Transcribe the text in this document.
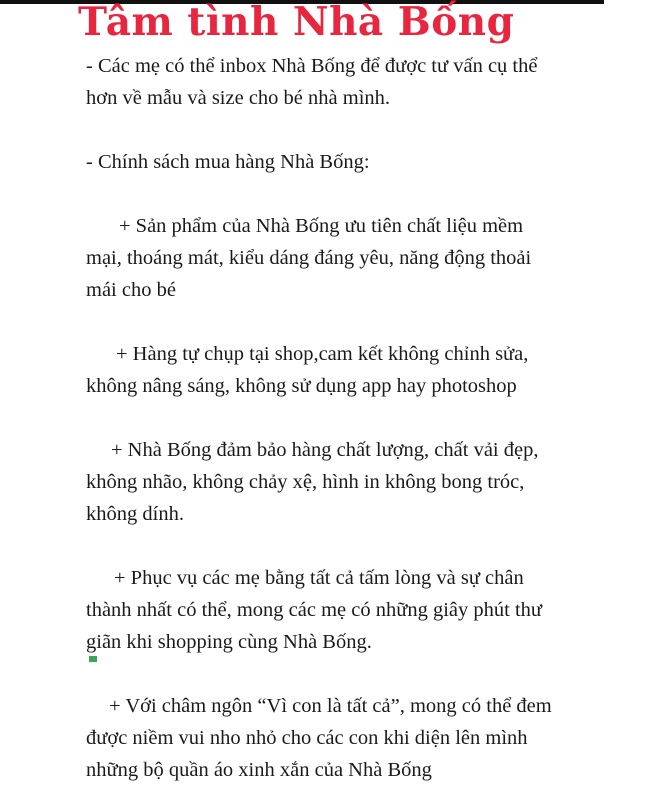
Tâm tình Nhà Bống

- Các mẹ có thể inbox Nhà Bống để được tư vấn cụ thể
hơn về mẫu và size cho bé nhà mình.

- Chính sách mua hàng Nhà Bống:

+ Sản phẩm của Nhà Bống ưu tiên chất liệu mềm
mại, thoáng mát, kiểu dáng đáng yêu, năng động thoải
mái cho bé

+ Hàng tự chụp tại shop,cam kết không chỉnh sửa,
không nâng sáng, không sử dụng app hay photoshop

+ Nhà Bống đảm bảo hàng chất lượng, chất vải đẹp,
không nhão, không chảy xệ, hình in không bong tróc,
không dính.

+ Phục vụ các mẹ bằng tất cả tấm lòng và sự chân
thành nhất có thể, mong các mẹ có những giây phút thư
giãn khi shopping cùng Nhà Bống.

+ Với châm ngôn “Vì con là tất cả”, mong có thể đem
được niềm vui nho nhỏ cho các con khi diện lên mình
những bộ quần áo xinh xắn của Nhà Bống
